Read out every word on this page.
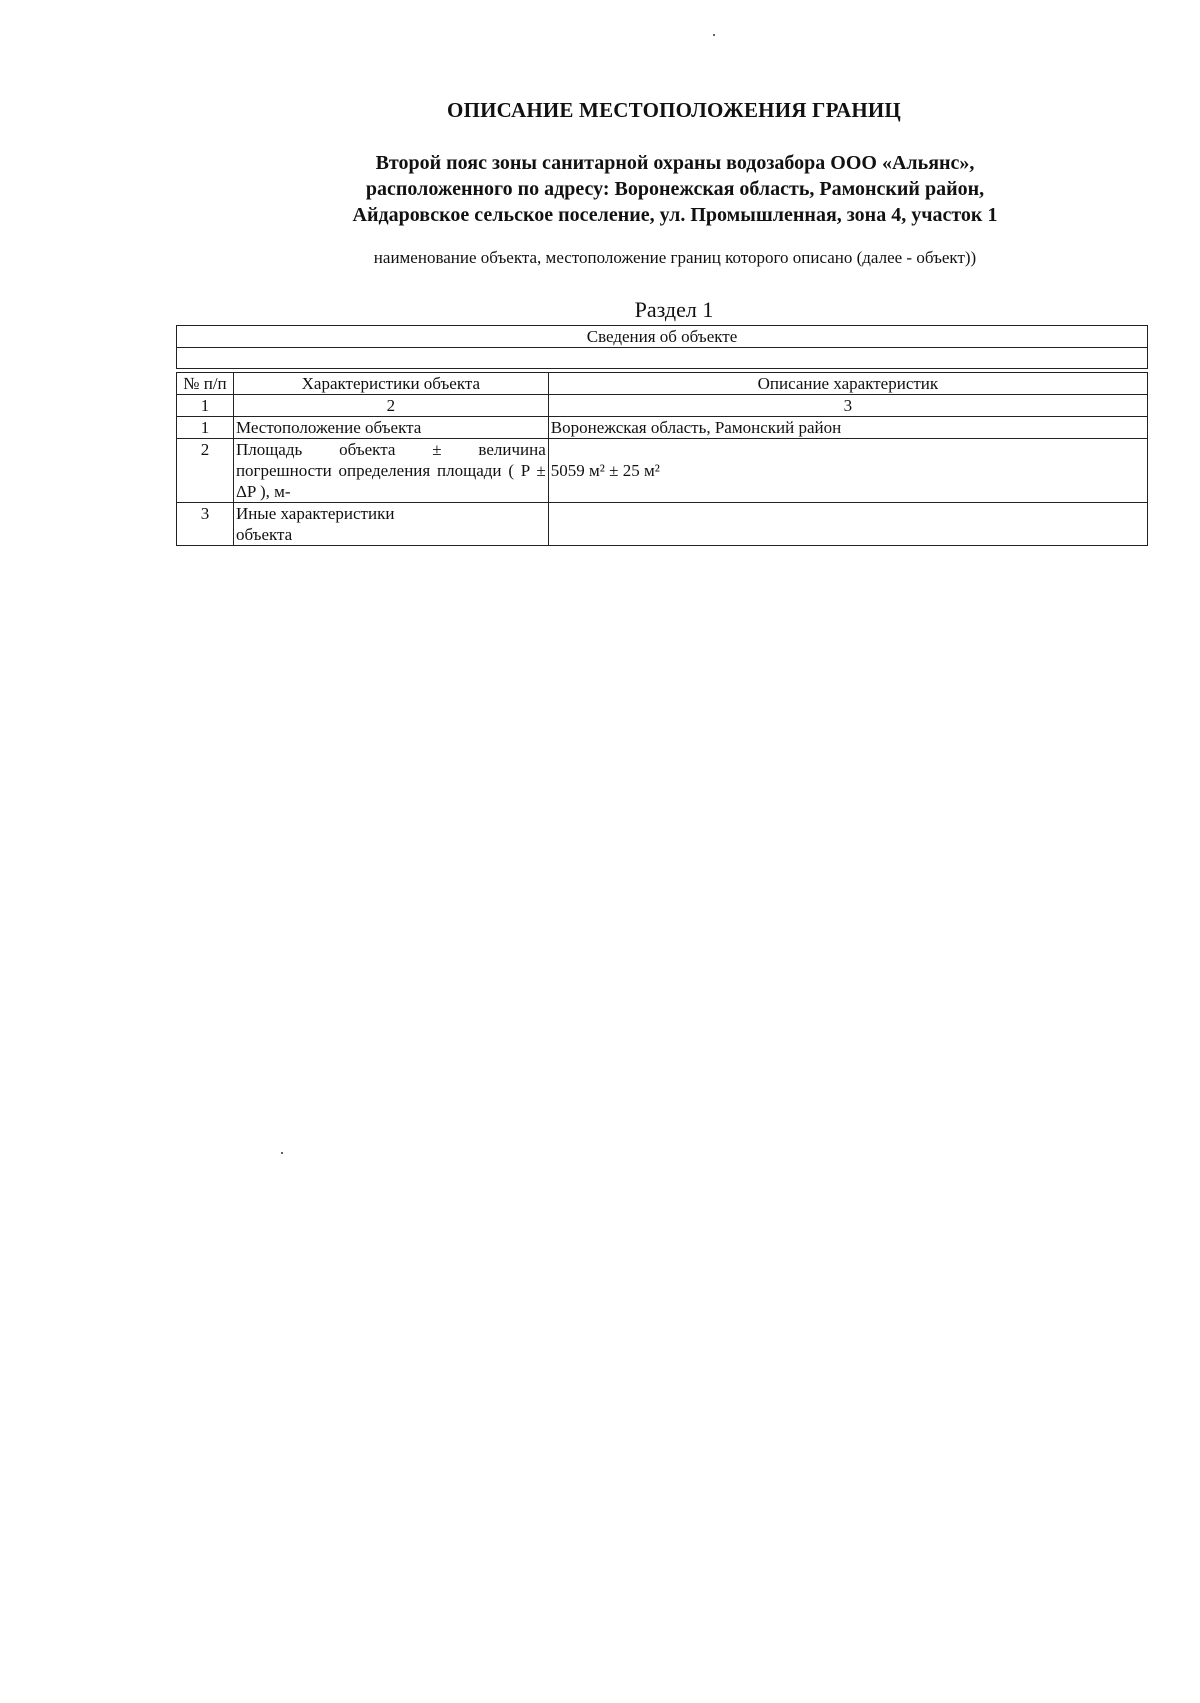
ОПИСАНИЕ МЕСТОПОЛОЖЕНИЯ ГРАНИЦ
Второй пояс зоны санитарной охраны водозабора ООО «Альянс»,
расположенного по адресу: Воронежская область, Рамонский район,
Айдаровское сельское поселение, ул. Промышленная, зона 4, участок 1
наименование объекта, местоположение границ которого описано (далее - объект))
Раздел 1
Сведения об объекте		

№ п/п	Характеристики объекта	Описание характеристик
1	2	3
1	Местоположение объекта	Воронежская область, Рамонский район
2	Площадь объекта ± величина погрешности определения площади ( P ± ΔP ), м-	5059 м² ± 25 м²
3	Иные характеристики объекта	
